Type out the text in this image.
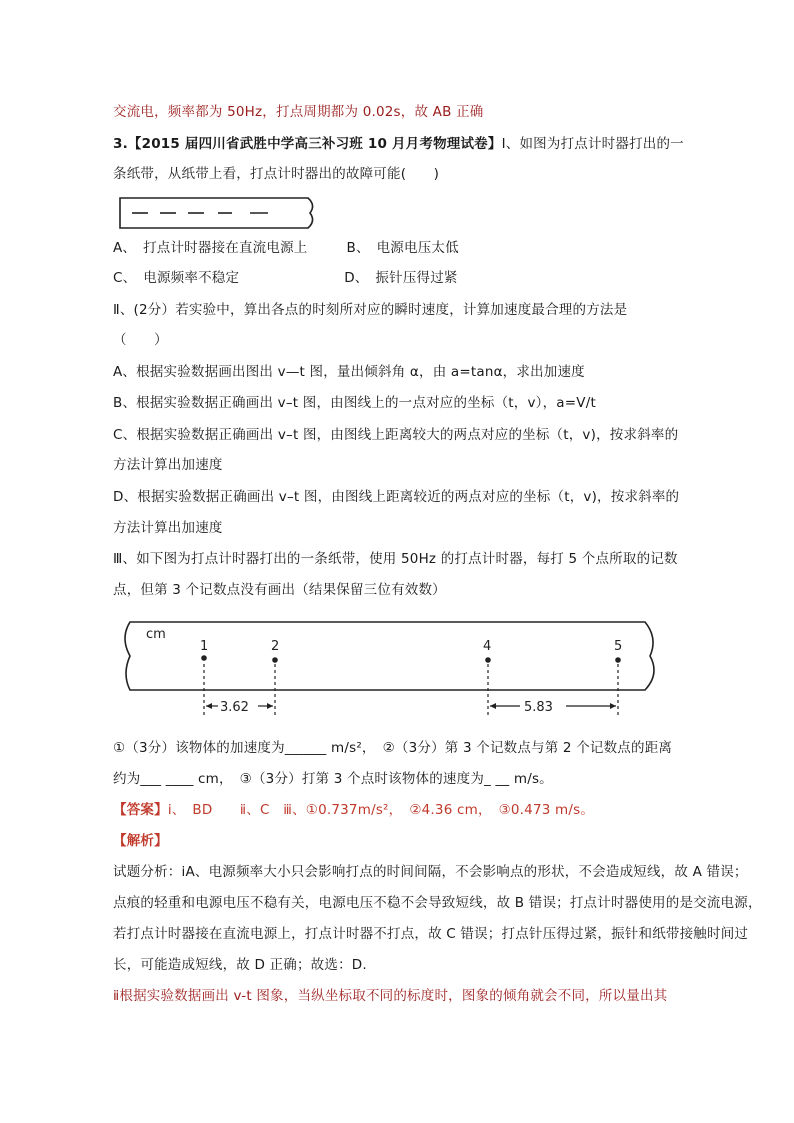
交流电，频率都为 50Hz，打点周期都为 0.02s，故 AB 正确
3.【2015 届四川省武胜中学高三补习班 10 月月考物理试卷】Ⅰ、如图为打点计时器打出的一
条纸带，从纸带上看，打点计时器出的故障可能(　　)
A、　打点计时器接在直流电源上	B、　电源电压太低
C、　电源频率不稳定	D、　振针压得过紧
Ⅱ、(2分）若实验中，算出各点的时刻所对应的瞬时速度，计算加速度最合理的方法是
（　　）
A、根据实验数据画出图出 v—t 图，量出倾斜角 α，由 a=tanα，求出加速度
B、根据实验数据正确画出 v–t 图，由图线上的一点对应的坐标（t，v），a=V/t
C、根据实验数据正确画出 v–t 图，由图线上距离较大的两点对应的坐标（t，v)，按求斜率的
方法计算出加速度
D、根据实验数据正确画出 v–t 图，由图线上距离较近的两点对应的坐标（t，v)，按求斜率的
方法计算出加速度
Ⅲ、如下图为打点计时器打出的一条纸带，使用 50Hz 的打点计时器，每打 5 个点所取的记数
点，但第 3 个记数点没有画出（结果保留三位有效数）
cm
1	2	4	5
3.62	5.83
①（3分）该物体的加速度为______ m/s²，　②（3分）第 3 个记数点与第 2 个记数点的距离
约为___ ____ cm，　③（3分）打第 3 个点时该物体的速度为_ __ m/s。
【答案】ⅰ、　BD　　ⅱ、C　ⅲ、①0.737m/s²，　②4.36 cm，　③0.473 m/s。
【解析】
试题分析：ⅰA、电源频率大小只会影响打点的时间间隔，不会影响点的形状，不会造成短线，故 A 错误；
点痕的轻重和电源电压不稳有关，电源电压不稳不会导致短线，故 B 错误；打点计时器使用的是交流电源，
若打点计时器接在直流电源上，打点计时器不打点，故 C 错误；打点针压得过紧，振针和纸带接触时间过
长，可能造成短线，故 D 正确；故选：D.
ⅱ根据实验数据画出 v-t 图象，当纵坐标取不同的标度时，图象的倾角就会不同，所以量出其
